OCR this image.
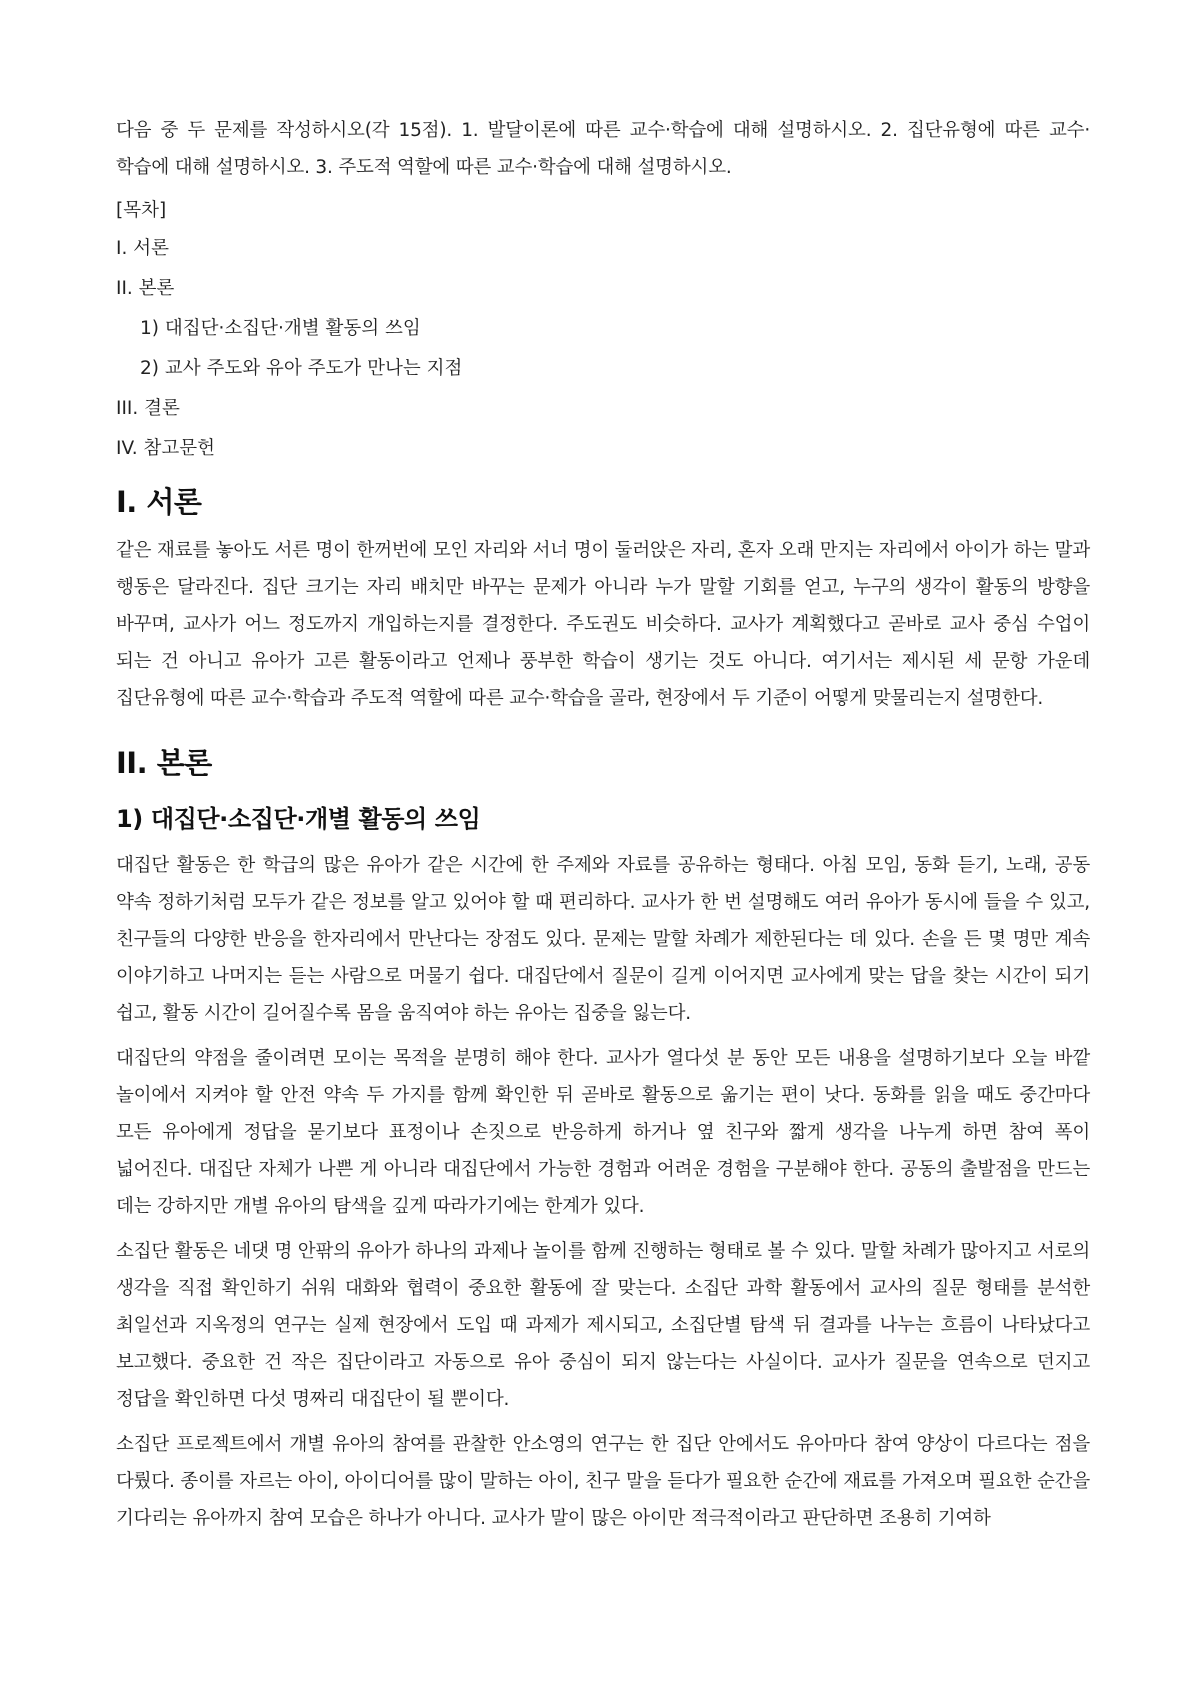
다음 중 두 문제를 작성하시오(각 15점). 1. 발달이론에 따른 교수·학습에 대해 설명하시오. 2. 집단유형에 따른 교수·학습에 대해 설명하시오. 3. 주도적 역할에 따른 교수·학습에 대해 설명하시오.

[목차]

I. 서론
II. 본론
1) 대집단·소집단·개별 활동의 쓰임
2) 교사 주도와 유아 주도가 만나는 지점
III. 결론
IV. 참고문헌
I. 서론

같은 재료를 놓아도 서른 명이 한꺼번에 모인 자리와 서너 명이 둘러앉은 자리, 혼자 오래 만지는 자리에서 아이가 하는 말과 행동은 달라진다. 집단 크기는 자리 배치만 바꾸는 문제가 아니라 누가 말할 기회를 얻고, 누구의 생각이 활동의 방향을 바꾸며, 교사가 어느 정도까지 개입하는지를 결정한다. 주도권도 비슷하다. 교사가 계획했다고 곧바로 교사 중심 수업이 되는 건 아니고 유아가 고른 활동이라고 언제나 풍부한 학습이 생기는 것도 아니다. 여기서는 제시된 세 문항 가운데 집단유형에 따른 교수·학습과 주도적 역할에 따른 교수·학습을 골라, 현장에서 두 기준이 어떻게 맞물리는지 설명한다.

II. 본론
1) 대집단·소집단·개별 활동의 쓰임

대집단 활동은 한 학급의 많은 유아가 같은 시간에 한 주제와 자료를 공유하는 형태다. 아침 모임, 동화 듣기, 노래, 공동 약속 정하기처럼 모두가 같은 정보를 알고 있어야 할 때 편리하다. 교사가 한 번 설명해도 여러 유아가 동시에 들을 수 있고, 친구들의 다양한 반응을 한자리에서 만난다는 장점도 있다. 문제는 말할 차례가 제한된다는 데 있다. 손을 든 몇 명만 계속 이야기하고 나머지는 듣는 사람으로 머물기 쉽다. 대집단에서 질문이 길게 이어지면 교사에게 맞는 답을 찾는 시간이 되기 쉽고, 활동 시간이 길어질수록 몸을 움직여야 하는 유아는 집중을 잃는다.

대집단의 약점을 줄이려면 모이는 목적을 분명히 해야 한다. 교사가 열다섯 분 동안 모든 내용을 설명하기보다 오늘 바깥 놀이에서 지켜야 할 안전 약속 두 가지를 함께 확인한 뒤 곧바로 활동으로 옮기는 편이 낫다. 동화를 읽을 때도 중간마다 모든 유아에게 정답을 묻기보다 표정이나 손짓으로 반응하게 하거나 옆 친구와 짧게 생각을 나누게 하면 참여 폭이 넓어진다. 대집단 자체가 나쁜 게 아니라 대집단에서 가능한 경험과 어려운 경험을 구분해야 한다. 공동의 출발점을 만드는 데는 강하지만 개별 유아의 탐색을 깊게 따라가기에는 한계가 있다.

소집단 활동은 네댓 명 안팎의 유아가 하나의 과제나 놀이를 함께 진행하는 형태로 볼 수 있다. 말할 차례가 많아지고 서로의 생각을 직접 확인하기 쉬워 대화와 협력이 중요한 활동에 잘 맞는다. 소집단 과학 활동에서 교사의 질문 형태를 분석한 최일선과 지옥정의 연구는 실제 현장에서 도입 때 과제가 제시되고, 소집단별 탐색 뒤 결과를 나누는 흐름이 나타났다고 보고했다. 중요한 건 작은 집단이라고 자동으로 유아 중심이 되지 않는다는 사실이다. 교사가 질문을 연속으로 던지고 정답을 확인하면 다섯 명짜리 대집단이 될 뿐이다.

소집단 프로젝트에서 개별 유아의 참여를 관찰한 안소영의 연구는 한 집단 안에서도 유아마다 참여 양상이 다르다는 점을 다뤘다. 종이를 자르는 아이, 아이디어를 많이 말하는 아이, 친구 말을 듣다가 필요한 순간에 재료를 가져오며 필요한 순간을 기다리는 유아까지 참여 모습은 하나가 아니다. 교사가 말이 많은 아이만 적극적이라고 판단하면 조용히 기여하
